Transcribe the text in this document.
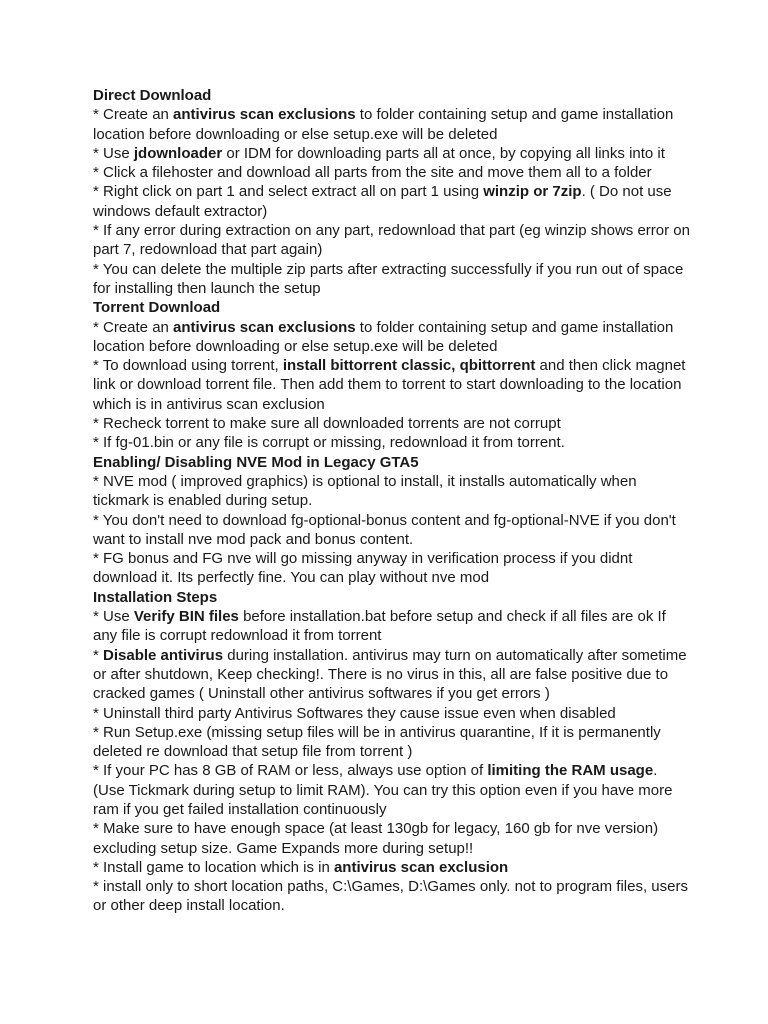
Direct Download
* Create an antivirus scan exclusions to folder containing setup and game installation location before downloading or else setup.exe will be deleted
* Use jdownloader or IDM for downloading parts all at once, by copying all links into it
* Click a filehoster and download all parts from the site and move them all to a folder
* Right click on part 1 and select extract all on part 1 using winzip or 7zip. ( Do not use windows default extractor)
* If any error during extraction on any part, redownload that part (eg winzip shows error on part 7, redownload that part again)
* You can delete the multiple zip parts after extracting successfully if you run out of space for installing then launch the setup
Torrent Download
* Create an antivirus scan exclusions to folder containing setup and game installation location before downloading or else setup.exe will be deleted
* To download using torrent, install bittorrent classic, qbittorrent and then click magnet link or download torrent file. Then add them to torrent to start downloading to the location which is in antivirus scan exclusion
* Recheck torrent to make sure all downloaded torrents are not corrupt
* If fg-01.bin or any file is corrupt or missing, redownload it from torrent.
Enabling/ Disabling NVE Mod in Legacy GTA5
* NVE mod ( improved graphics) is optional to install, it installs automatically when tickmark is enabled during setup.
* You don't need to download fg-optional-bonus content and fg-optional-NVE if you don't want to install nve mod pack and bonus content.
* FG bonus and FG nve will go missing anyway in verification process if you didnt download it. Its perfectly fine. You can play without nve mod
Installation Steps
* Use Verify BIN files before installation.bat before setup and check if all files are ok If any file is corrupt redownload it from torrent
* Disable antivirus during installation. antivirus may turn on automatically after sometime or after shutdown, Keep checking!. There is no virus in this, all are false positive due to cracked games ( Uninstall other antivirus softwares if you get errors )
* Uninstall third party Antivirus Softwares they cause issue even when disabled
* Run Setup.exe (missing setup files will be in antivirus quarantine, If it is permanently deleted re download that setup file from torrent )
* If your PC has 8 GB of RAM or less, always use option of limiting the RAM usage. (Use Tickmark during setup to limit RAM). You can try this option even if you have more ram if you get failed installation continuously
* Make sure to have enough space (at least 130gb for legacy, 160 gb for nve version) excluding setup size. Game Expands more during setup!!
* Install game to location which is in antivirus scan exclusion
* install only to short location paths, C:\Games, D:\Games only. not to program files, users or other deep install location.
